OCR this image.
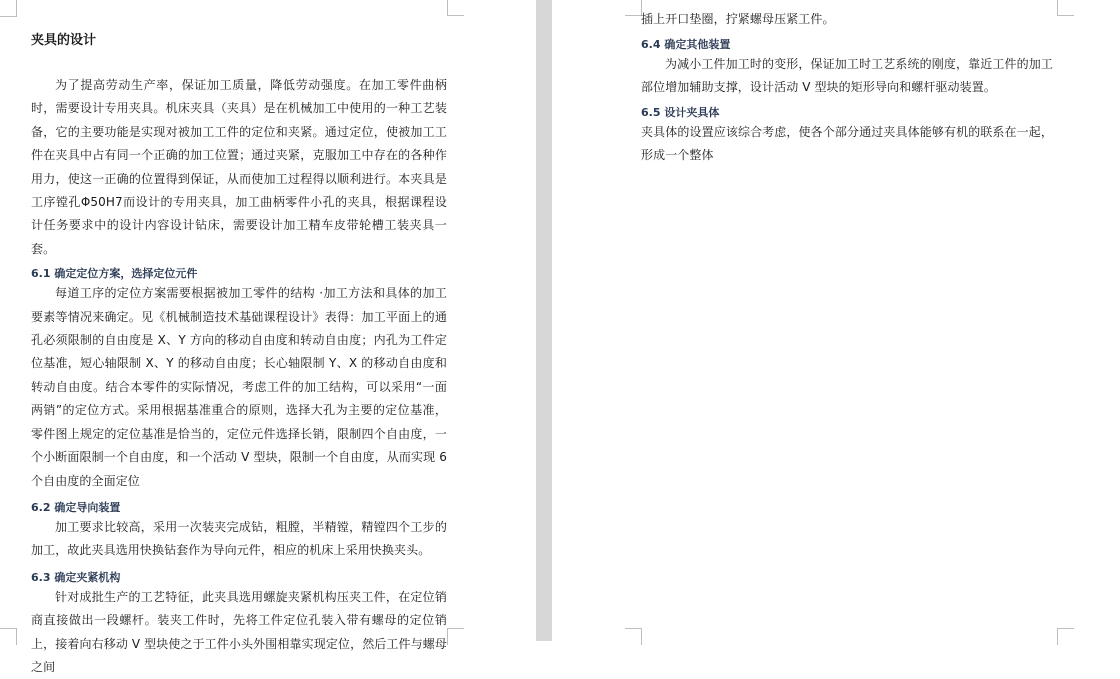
夹具的设计

为了提高劳动生产率，保证加工质量，降低劳动强度。在加工零件曲柄时，需要设计专用夹具。机床夹具（夹具）是在机械加工中使用的一种工艺装备，它的主要功能是实现对被加工工件的定位和夹紧。通过定位，使被加工工件在夹具中占有同一个正确的加工位置；通过夹紧，克服加工中存在的各种作用力，使这一正确的位置得到保证，从而使加工过程得以顺利进行。本夹具是工序镗孔Φ50H7而设计的专用夹具，加工曲柄零件小孔的夹具，根据课程设计任务要求中的设计内容设计钻床，需要设计加工精车皮带轮槽工装夹具一套。

6.1 确定定位方案，选择定位元件

每道工序的定位方案需要根据被加工零件的结构 ·加工方法和具体的加工要素等情况来确定。见《机械制造技术基础课程设计》表得：加工平面上的通孔必须限制的自由度是 X、Y 方向的移动自由度和转动自由度；内孔为工件定位基准，短心轴限制 X、Y 的移动自由度；长心轴限制 Y、X 的移动自由度和转动自由度。结合本零件的实际情况，考虑工件的加工结构，可以采用“一面两销”的定位方式。采用根据基准重合的原则，选择大孔为主要的定位基准，零件图上规定的定位基准是恰当的，定位元件选择长销，限制四个自由度，一个小断面限制一个自由度，和一个活动 V 型块，限制一个自由度，从而实现 6 个自由度的全面定位

6.2 确定导向装置

加工要求比较高，采用一次装夹完成钻，粗膛，半精镗，精镗四个工步的加工，故此夹具选用快换钻套作为导向元件，相应的机床上采用快换夹头。

6.3 确定夹紧机构

针对成批生产的工艺特征，此夹具选用螺旋夹紧机构压夹工件，在定位销商直接做出一段螺杆。装夹工件时，先将工件定位孔装入带有螺母的定位销上，接着向右移动 V 型块使之于工件小头外围相靠实现定位，然后工件与螺母之间

插上开口垫圈，拧紧螺母压紧工件。

6.4 确定其他装置

为减小工件加工时的变形，保证加工时工艺系统的刚度，靠近工件的加工部位增加辅助支撑，设计活动 V 型块的矩形导向和螺杆驱动装置。

6.5 设计夹具体

夹具体的设置应该综合考虑，使各个部分通过夹具体能够有机的联系在一起，形成一个整体
